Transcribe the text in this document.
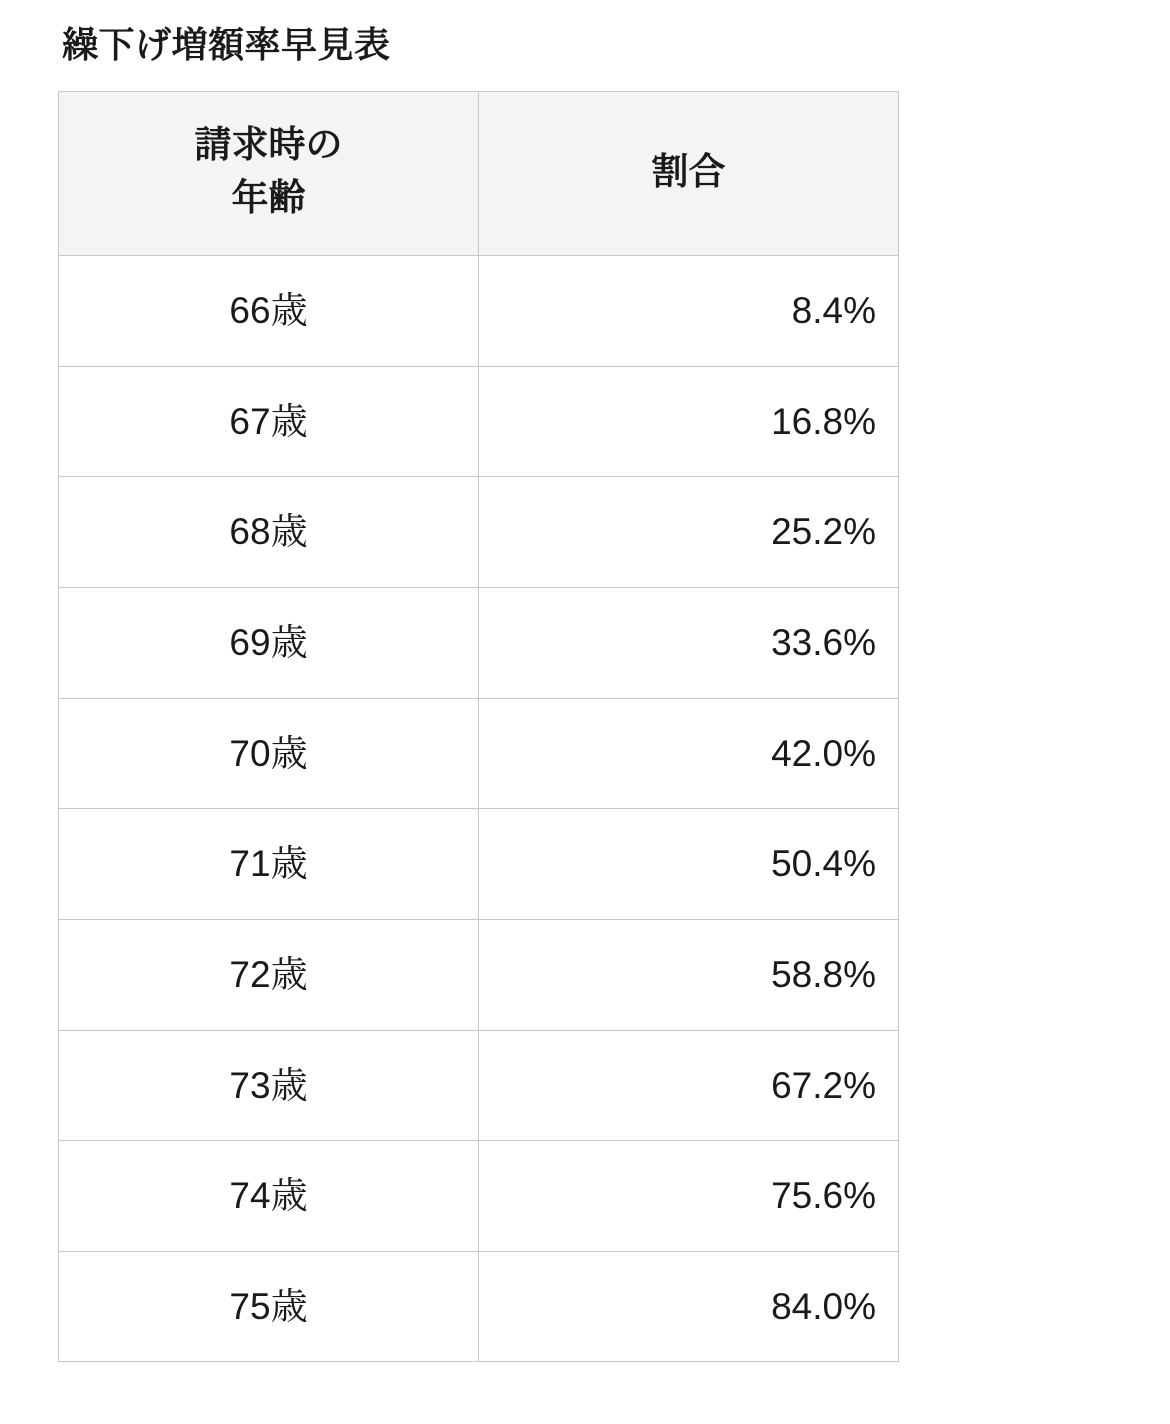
繰下げ増額率早見表
請求時の
年齢	割合
66歳	8.4%
67歳	16.8%
68歳	25.2%
69歳	33.6%
70歳	42.0%
71歳	50.4%
72歳	58.8%
73歳	67.2%
74歳	75.6%
75歳	84.0%
